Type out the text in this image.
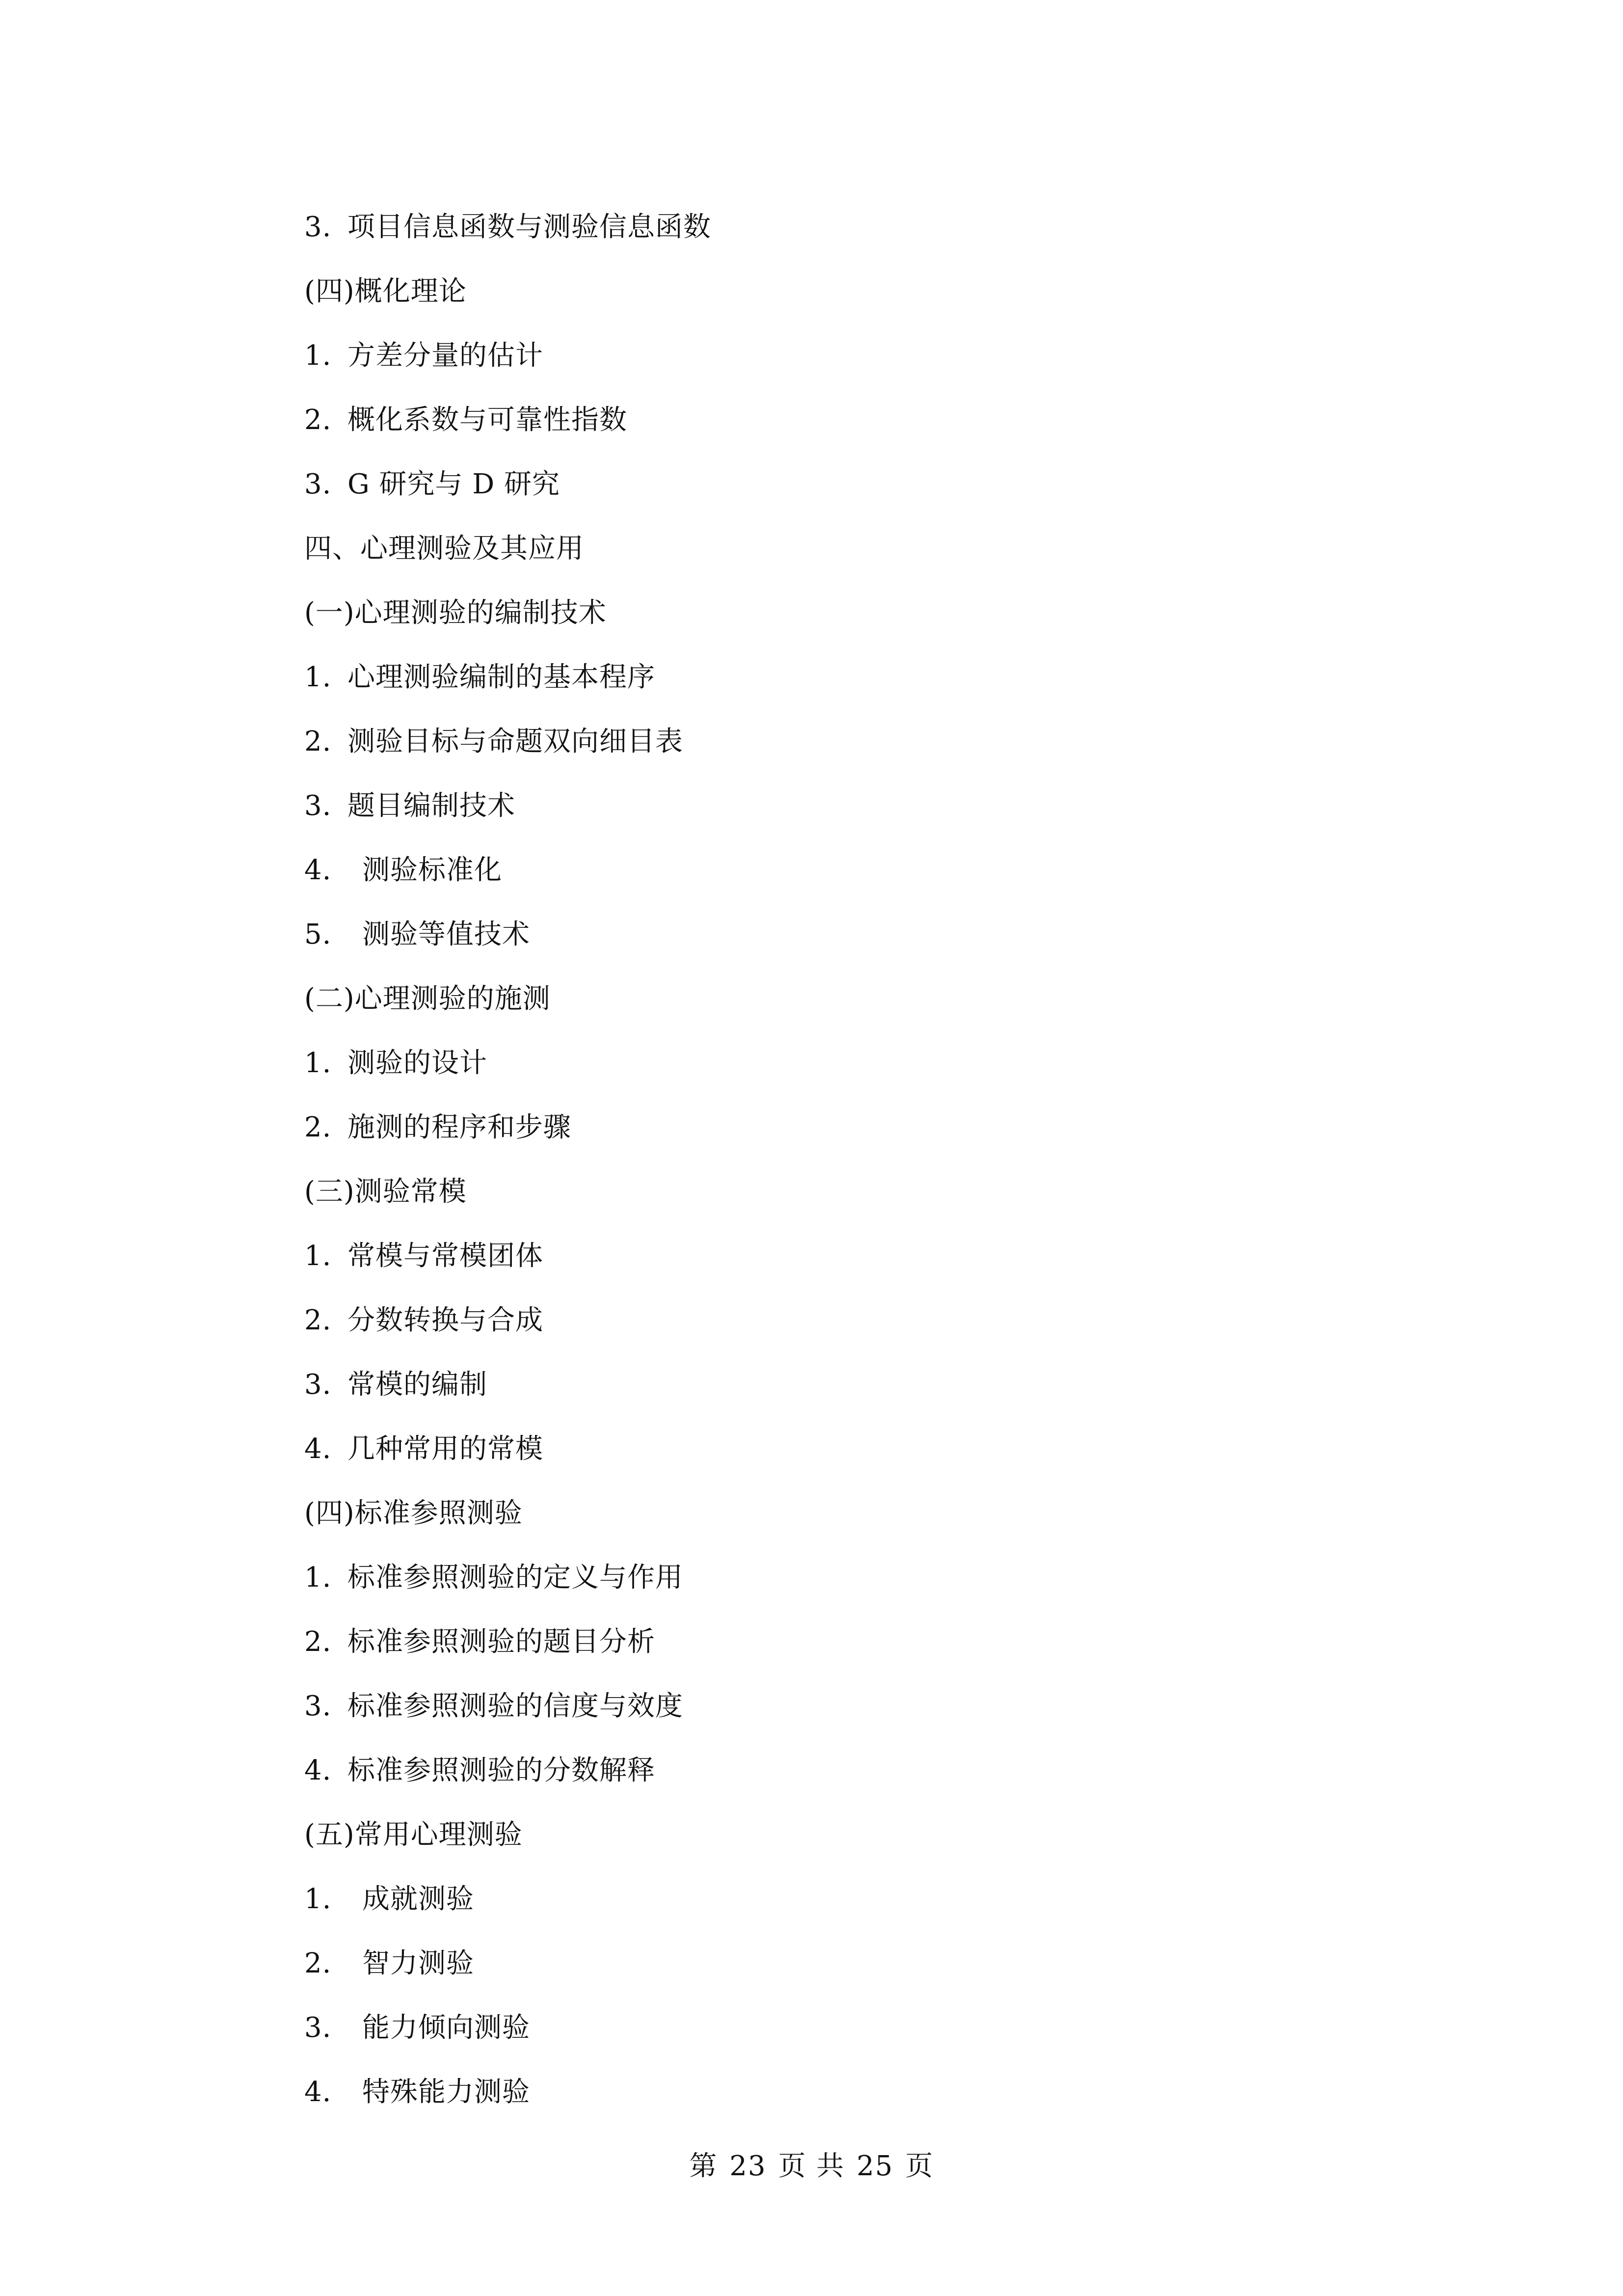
3. 项目信息函数与测验信息函数
(四)概化理论
1. 方差分量的估计
2. 概化系数与可靠性指数
3. G 研究与 D 研究
四、心理测验及其应用
(一)心理测验的编制技术
1. 心理测验编制的基本程序
2. 测验目标与命题双向细目表
3. 题目编制技术
4. 测验标准化
5. 测验等值技术
(二)心理测验的施测
1. 测验的设计
2. 施测的程序和步骤
(三)测验常模
1. 常模与常模团体
2. 分数转换与合成
3. 常模的编制
4. 几种常用的常模
(四)标准参照测验
1. 标准参照测验的定义与作用
2. 标准参照测验的题目分析
3. 标准参照测验的信度与效度
4. 标准参照测验的分数解释
(五)常用心理测验
1. 成就测验
2. 智力测验
3. 能力倾向测验
4. 特殊能力测验
第 23 页 共 25 页
